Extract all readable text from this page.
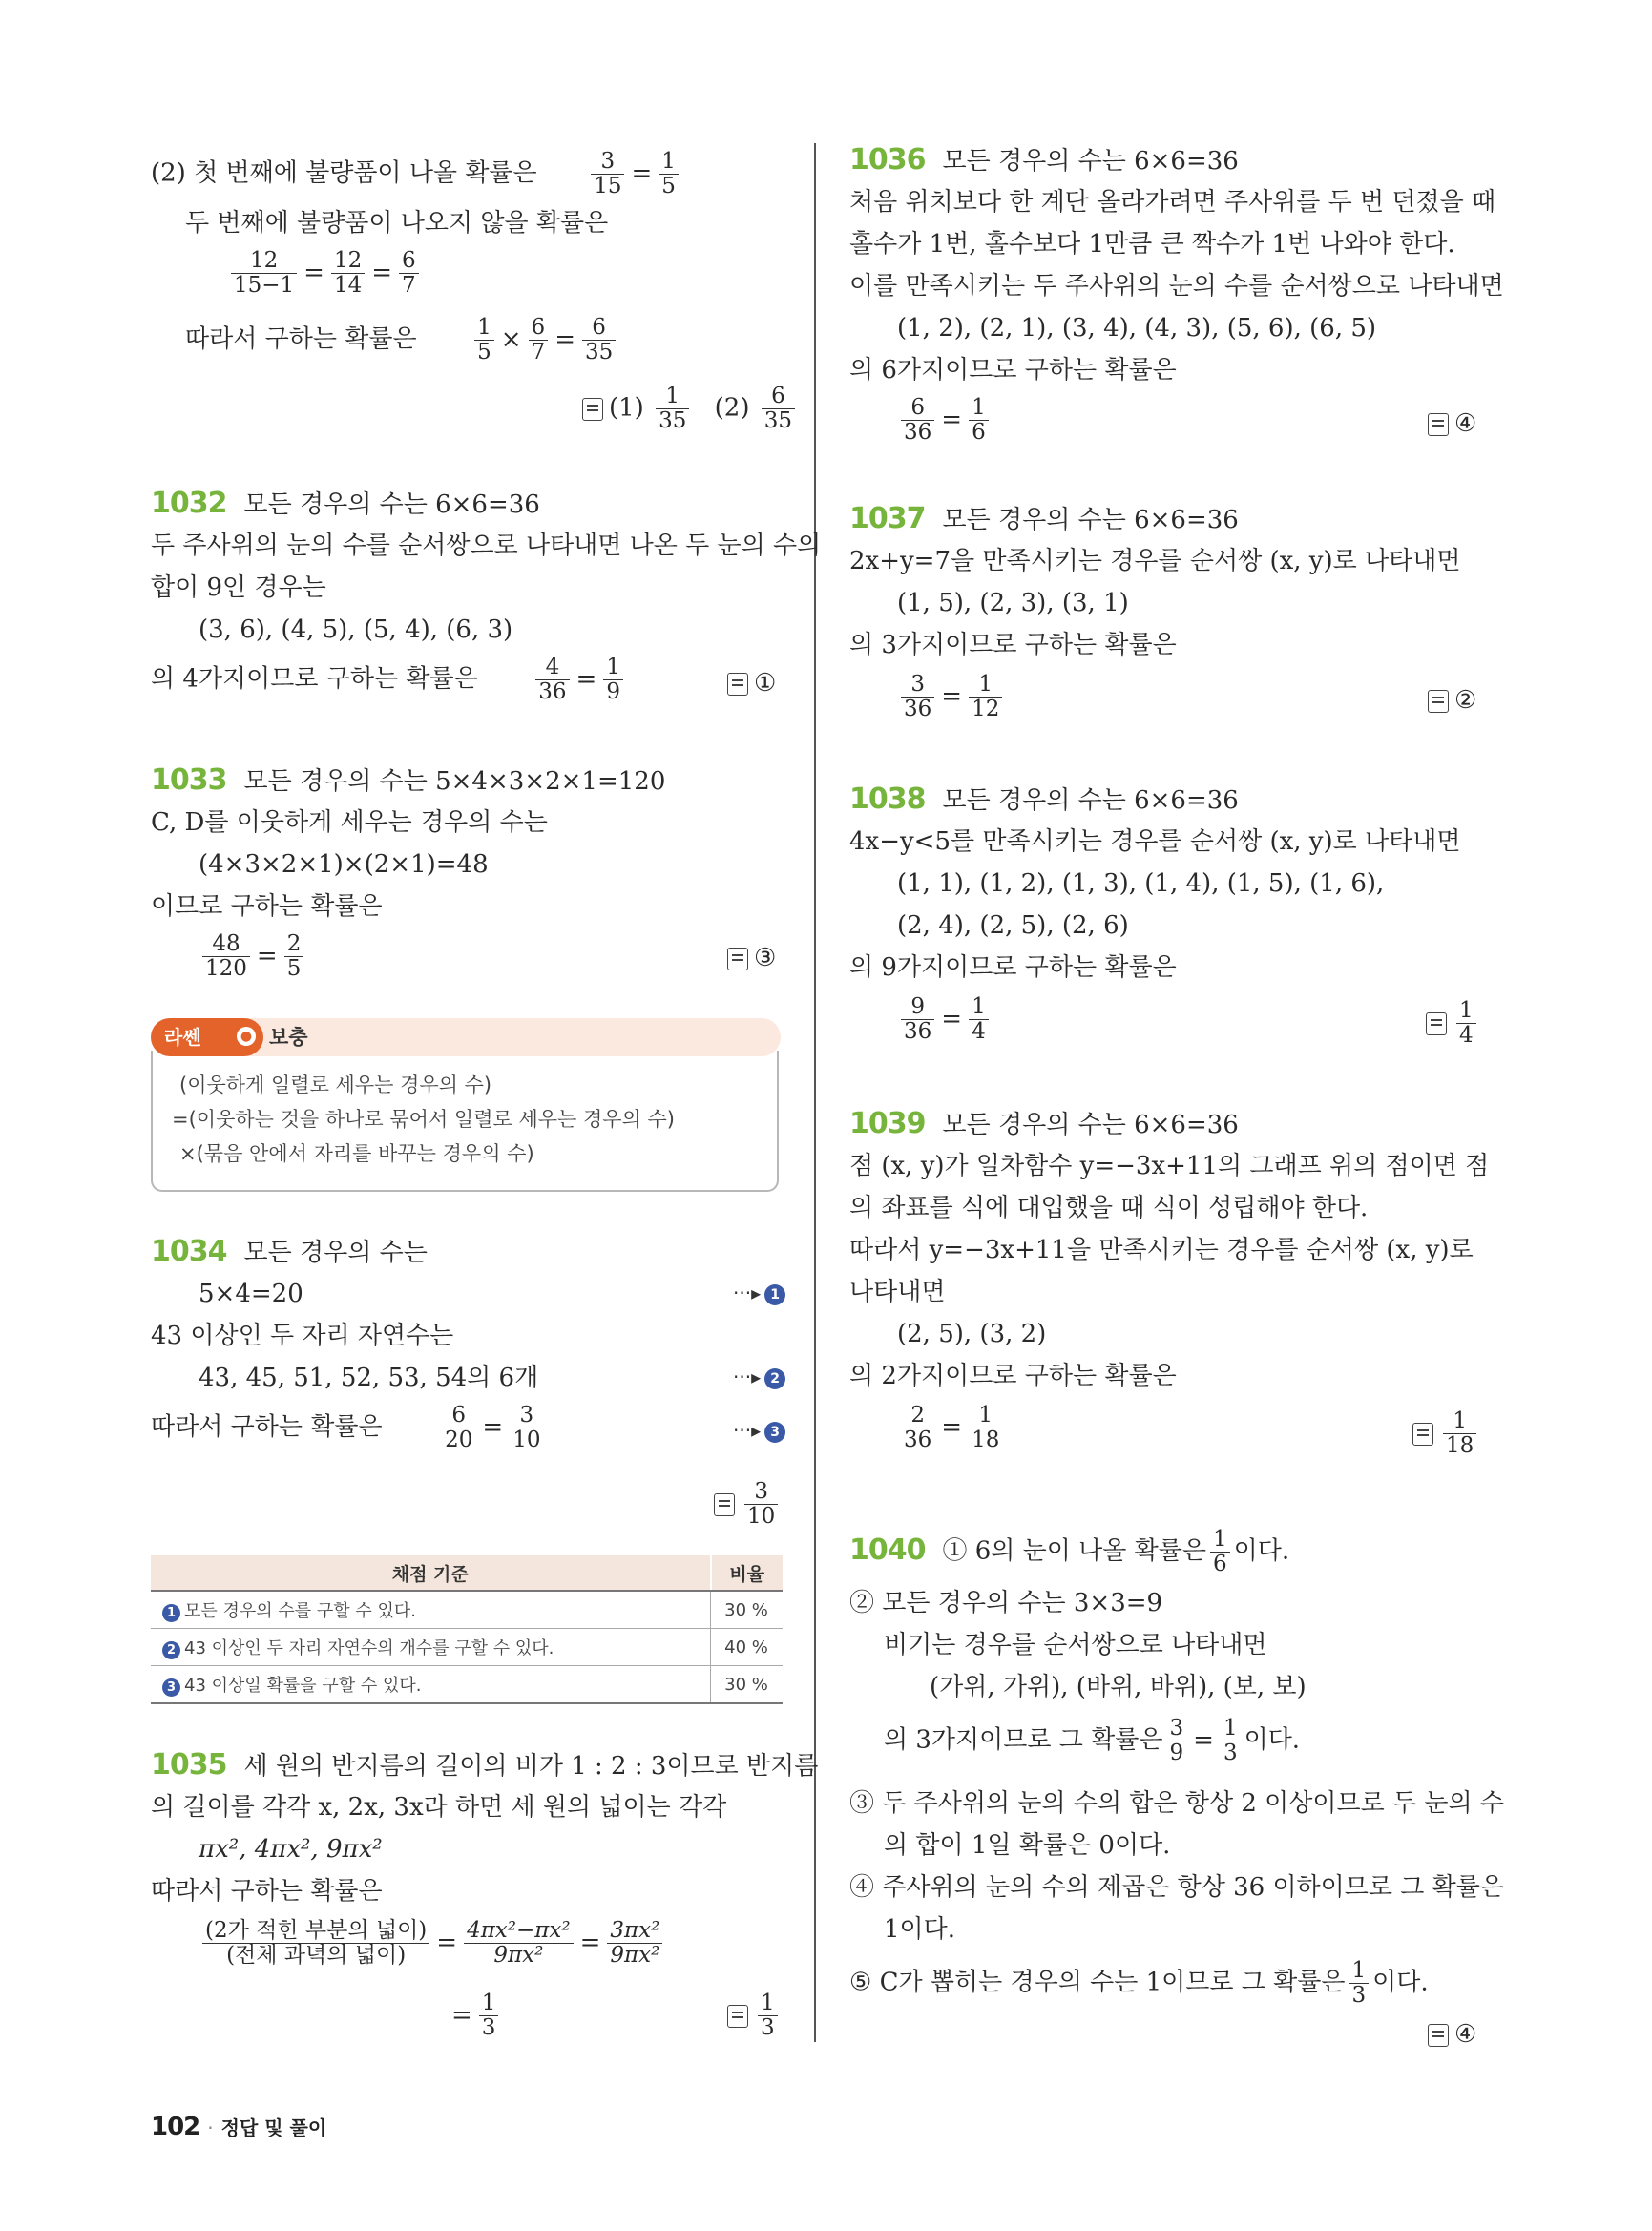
(2) 첫 번째에 불량품이 나올 확률은 $\frac{3}{15} = \frac{1}{5}$
두 번째에 불량품이 나오지 않을 확률은
$\frac{12}{15-1} = \frac{12}{14} = \frac{6}{7}$
따라서 구하는 확률은	$\frac{1}{5} \times \frac{6}{7} = \frac{6}{35}$
$(1) \frac{1}{35} (2) \frac{6}{35}$
1032 모든 경우의 수는 6×6=36
두 주사위의 눈의 수를 순서쌍으로 나타내면 나온 두 눈의 수의
합이 9인 경우는
(3, 6), (4, 5), (5, 4), (6, 3)
의 4가지이므로 구하는 확률은	$\frac{4}{36} = \frac{1}{9}$	①
1033 모든 경우의 수는 5×4×3×2×1=120
C, D를 이웃하게 세우는 경우의 수는
(4×3×2×1)×(2×1)=48
이므로 구하는 확률은
$\frac{48}{120} = \frac{2}{5}$	③
(이웃하게 일렬로 세우는 경우의 수)
=(이웃하는 것을 하나로 묶어서 일렬로 세우는 경우의 수)
×(묶음 안에서 자리를 바꾸는 경우의 수)
라쎈	● 보충
1034 모든 경우의 수는
5×4=20	···▸ 1
43 이상인 두 자리 자연수는
43, 45, 51, 52, 53, 54의 6개	···▸ 2
따라서 구하는 확률은	$\frac{6}{20} = \frac{3}{10}$	···▸ 3
$\frac{3}{10}$
채점 기준	비율
1 모든 경우의 수를 구할 수 있다.	30 %
2 43 이상인 두 자리 자연수의 개수를 구할 수 있다.	40 %
3 43 이상일 확률을 구할 수 있다.	30 %
1035 세 원의 반지름의 길이의 비가 1 : 2 : 3이므로 반지름
의 길이를 각각 x, 2x, 3x라 하면 세 원의 넓이는 각각
πx², 4πx², 9πx²
따라서 구하는 확률은
$\frac{\text{(2가 적힌 부분의 넓이)}}{\text{(전체 과녁의 넓이)}} = \frac{\text{4πx²−πx²}}{\text{9πx²}} = \frac{\text{3πx²}}{\text{9πx²}}$
= $\frac{1}{3}$	$\frac{1}{3}$
1036 모든 경우의 수는 6×6=36
처음 위치보다 한 계단 올라가려면 주사위를 두 번 던졌을 때
홀수가 1번, 홀수보다 1만큼 큰 짝수가 1번 나와야 한다.
이를 만족시키는 두 주사위의 눈의 수를 순서쌍으로 나타내면
(1, 2), (2, 1), (3, 4), (4, 3), (5, 6), (6, 5)
의 6가지이므로 구하는 확률은
$\frac{6}{36} = \frac{1}{6}$	④
1037 모든 경우의 수는 6×6=36
2x+y=7을 만족시키는 경우를 순서쌍 (x, y)로 나타내면
(1, 5), (2, 3), (3, 1)
의 3가지이므로 구하는 확률은
$\frac{3}{36} = \frac{1}{12}$	②
1038 모든 경우의 수는 6×6=36
4x−y<5를 만족시키는 경우를 순서쌍 (x, y)로 나타내면
(1, 1), (1, 2), (1, 3), (1, 4), (1, 5), (1, 6),
(2, 4), (2, 5), (2, 6)
의 9가지이므로 구하는 확률은
$\frac{9}{36} = \frac{1}{4}$	$\frac{1}{4}$
1039 모든 경우의 수는 6×6=36
점 (x, y)가 일차함수 y=−3x+11의 그래프 위의 점이면 점
의 좌표를 식에 대입했을 때 식이 성립해야 한다.
따라서 y=−3x+11을 만족시키는 경우를 순서쌍 (x, y)로
나타내면
(2, 5), (3, 2)
의 2가지이므로 구하는 확률은
$\frac{2}{36} = \frac{1}{18}$	$\frac{1}{18}$
1040 ① 6의 눈이 나올 확률은 $\frac{1}{6}$ 이다.
② 모든 경우의 수는 3×3=9
비기는 경우를 순서쌍으로 나타내면
(가위, 가위), (바위, 바위), (보, 보)
의 3가지이므로 그 확률은 $\frac{3}{9} = \frac{1}{3}$ 이다.
③ 두 주사위의 눈의 수의 합은 항상 2 이상이므로 두 눈의 수
의 합이 1일 확률은 0이다.
④ 주사위의 눈의 수의 제곱은 항상 36 이하이므로 그 확률은
1이다.
⑤ C가 뽑히는 경우의 수는 1이므로 그 확률은 $\frac{1}{3}$ 이다.
④
102 · 정답 및 풀이
